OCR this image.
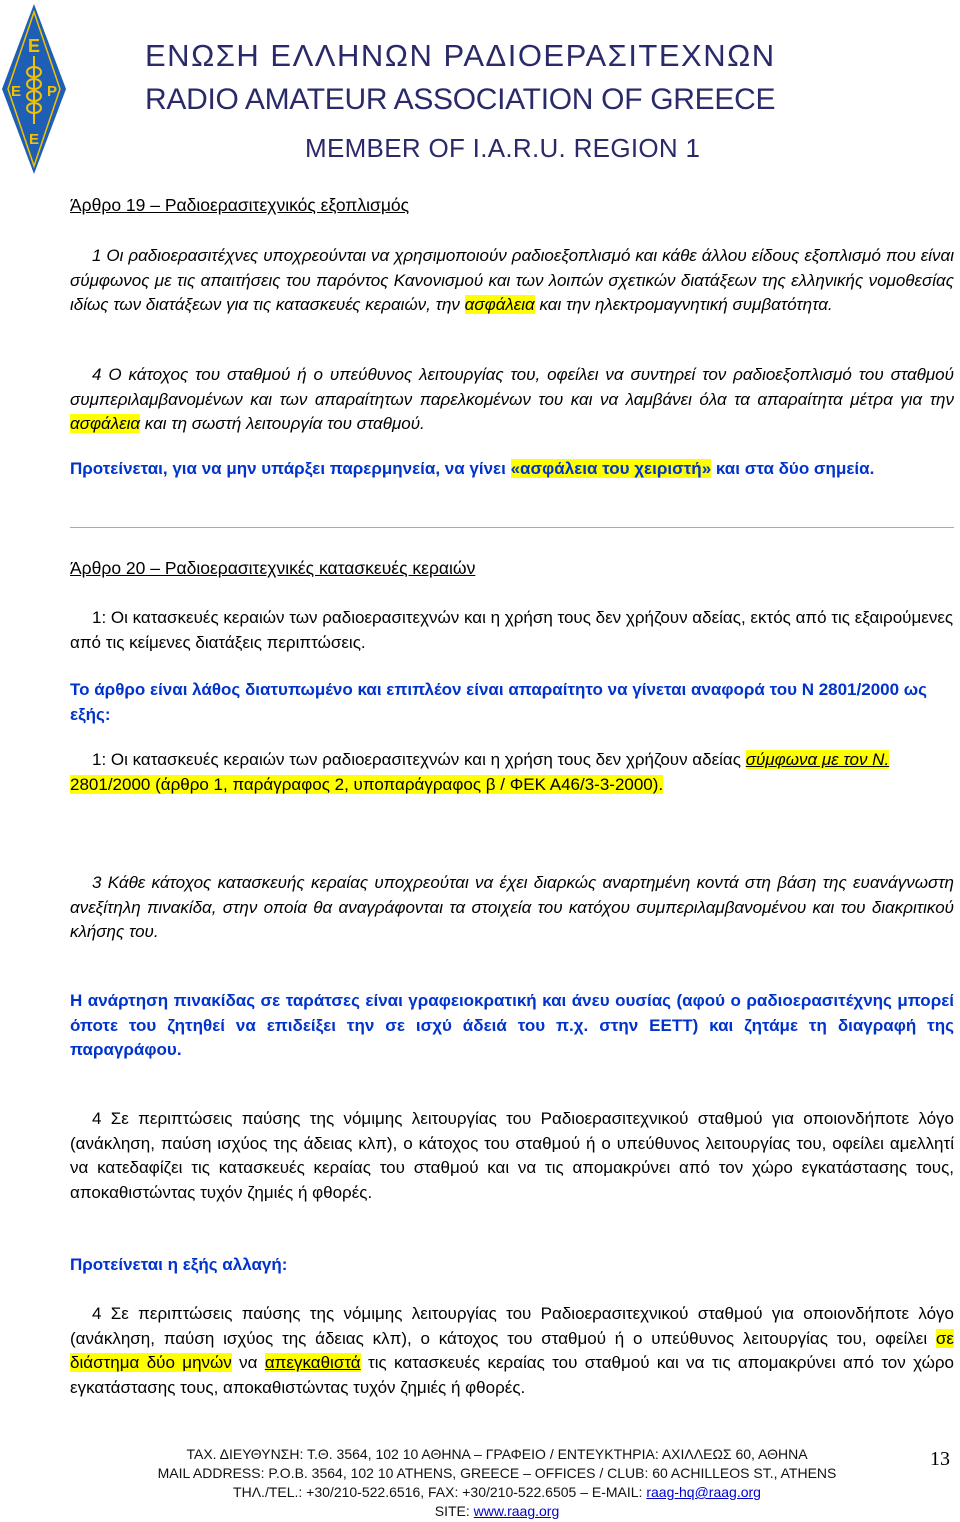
Ε
Ε Ρ
Ε
ΕΝΩΣΗ ΕΛΛΗΝΩΝ ΡΑΔΙΟΕΡΑΣΙΤΕΧΝΩΝ
RADIO AMATEUR ASSOCIATION OF GREECE
MEMBER OF I.A.R.U. REGION 1
Άρθρο 19 – Ραδιοερασιτεχνικός εξοπλισμός
1 Οι ραδιοερασιτέχνες υποχρεούνται να χρησιμοποιούν ραδιοεξοπλισμό και κάθε άλλου είδους εξοπλισμό που είναι σύμφωνος με τις απαιτήσεις του παρόντος Κανονισμού και των λοιπών σχετικών διατάξεων της ελληνικής νομοθεσίας ιδίως των διατάξεων για τις κατασκευές κεραιών, την ασφάλεια και την ηλεκτρομαγνητική συμβατότητα.
4 Ο κάτοχος του σταθμού ή ο υπεύθυνος λειτουργίας του, οφείλει να συντηρεί τον ραδιοεξοπλισμό του σταθμού συμπεριλαμβανομένων και των απαραίτητων παρελκομένων του και να λαμβάνει όλα τα απαραίτητα μέτρα για την ασφάλεια και τη σωστή λειτουργία του σταθμού.
Προτείνεται, για να μην υπάρξει παρερμηνεία, να γίνει «ασφάλεια του χειριστή» και στα δύο σημεία.
Άρθρο 20 – Ραδιοερασιτεχνικές κατασκευές κεραιών
1: Οι κατασκευές κεραιών των ραδιοερασιτεχνών και η χρήση τους δεν χρήζουν αδείας, εκτός από τις εξαιρούμενες από τις κείμενες διατάξεις περιπτώσεις.
Το άρθρο είναι λάθος διατυπωμένο και επιπλέον είναι απαραίτητο να γίνεται αναφορά του Ν 2801/2000 ως εξής:
1: Οι κατασκευές κεραιών των ραδιοερασιτεχνών και η χρήση τους δεν χρήζουν αδείας σύμφωνα με τον Ν. 2801/2000 (άρθρο 1, παράγραφος 2, υποπαράγραφος β / ΦΕΚ Α46/3-3-2000).
3 Κάθε κάτοχος κατασκευής κεραίας υποχρεούται να έχει διαρκώς αναρτημένη κοντά στη βάση της ευανάγνωστη ανεξίτηλη πινακίδα, στην οποία θα αναγράφονται τα στοιχεία του κατόχου συμπεριλαμβανομένου και του διακριτικού κλήσης του.
Η ανάρτηση πινακίδας σε ταράτσες είναι γραφειοκρατική και άνευ ουσίας (αφού ο ραδιοερασιτέχνης μπορεί όποτε του ζητηθεί να επιδείξει την σε ισχύ άδειά του π.χ. στην ΕΕΤΤ) και ζητάμε τη διαγραφή της παραγράφου.
4 Σε περιπτώσεις παύσης της νόμιμης λειτουργίας του Ραδιοερασιτεχνικού σταθμού για οποιονδήποτε λόγο (ανάκληση, παύση ισχύος της άδειας κλπ), ο κάτοχος του σταθμού ή ο υπεύθυνος λειτουργίας του, οφείλει αμελλητί να κατεδαφίζει τις κατασκευές κεραίας του σταθμού και να τις απομακρύνει από τον χώρο εγκατάστασης τους, αποκαθιστώντας τυχόν ζημιές ή φθορές.
Προτείνεται η εξής αλλαγή:
4 Σε περιπτώσεις παύσης της νόμιμης λειτουργίας του Ραδιοερασιτεχνικού σταθμού για οποιονδήποτε λόγο (ανάκληση, παύση ισχύος της άδειας κλπ), ο κάτοχος του σταθμού ή ο υπεύθυνος λειτουργίας του, οφείλει σε διάστημα δύο μηνών να απεγκαθιστά τις κατασκευές κεραίας του σταθμού και να τις απομακρύνει από τον χώρο εγκατάστασης τους, αποκαθιστώντας τυχόν ζημιές ή φθορές.
ΤΑΧ. ΔΙΕΥΘΥΝΣΗ: Τ.Θ. 3564, 102 10 ΑΘΗΝΑ – ΓΡΑΦΕΙΟ / ΕΝΤΕΥΚΤΗΡΙΑ: ΑΧΙΛΛΕΩΣ 60, ΑΘΗΝΑ
MAIL ADDRESS: P.O.B. 3564, 102 10 ATHENS, GREECE – OFFICES / CLUB: 60 ACHILLEOS ST., ATHENS
ΤΗΛ./TEL.: +30/210-522.6516, FAX: +30/210-522.6505 – E-MAIL: raag-hq@raag.org
SITE: www.raag.org
13
